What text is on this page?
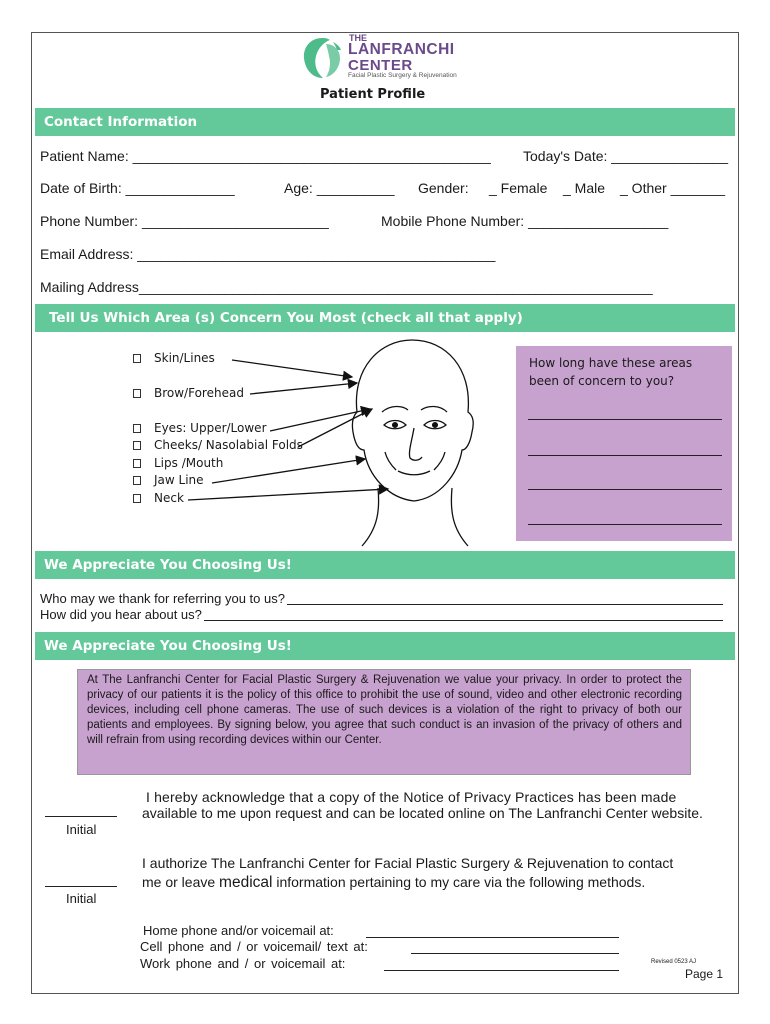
THE
LANFRANCHI
CENTER
Facial Plastic Surgery & Rejuvenation
Patient Profile
Contact Information
Patient Name: ______________________________________________ Today's Date: _______________
Date of Birth: ______________	Age: __________ Gender: _ Female _ Male _ Other _______
Phone Number: ________________________	Mobile Phone Number: __________________
Email Address: ______________________________________________
Mailing Address__________________________________________________________________
Tell Us Which Area (s) Concern You Most (check all that apply)
Skin/Lines
Brow/Forehead
Eyes: Upper/Lower
Cheeks/ Nasolabial Folds
Lips /Mouth
Jaw Line
Neck
How long have these areas been of concern to you?
We Appreciate You Choosing Us!
Who may we thank for referring you to us?
How did you hear about us?
We Appreciate You Choosing Us!
At The Lanfranchi Center for Facial Plastic Surgery & Rejuvenation we value your privacy. In order to protect the privacy of our patients it is the policy of this office to prohibit the use of sound, video and other electronic recording devices, including cell phone cameras. The use of such devices is a violation of the right to privacy of both our patients and employees. By signing below, you agree that such conduct is an invasion of the privacy of others and will refrain from using recording devices within our Center.
Initial
I hereby acknowledge that a copy of the Notice of Privacy Practices has been made
available to me upon request and can be located online on The Lanfranchi Center website.
Initial
I authorize The Lanfranchi Center for Facial Plastic Surgery & Rejuvenation to contact
me or leave medical information pertaining to my care via the following methods.
Home phone and/or voicemail at:
Cell phone and / or voicemail/ text at:
Work phone and / or voicemail at:	Revised 0523 AJ
Page 1
